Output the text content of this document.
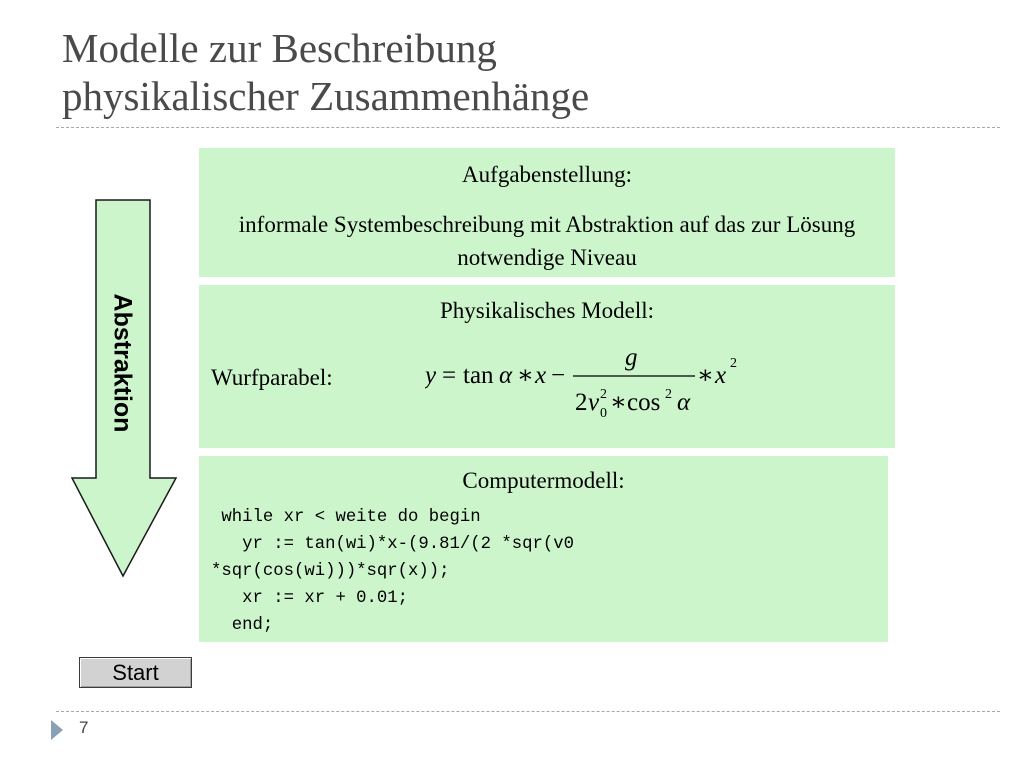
Modelle zur Beschreibung
physikalischer Zusammenhänge
Abstraktion
Aufgabenstellung:
informale Systembeschreibung mit Abstraktion auf das zur Lösung notwendige Niveau
Physikalisches Modell:
Wurfparabel:	y = tan α ∗ x −
g
2 v 2
0 ∗ cos 2 α
∗ x 2
Computermodell:
while xr < weite do begin
yr := tan(wi)*x-(9.81/(2 *sqr(v0
*sqr(cos(wi)))*sqr(x));
xr := xr + 0.01;
end;
Start
7
